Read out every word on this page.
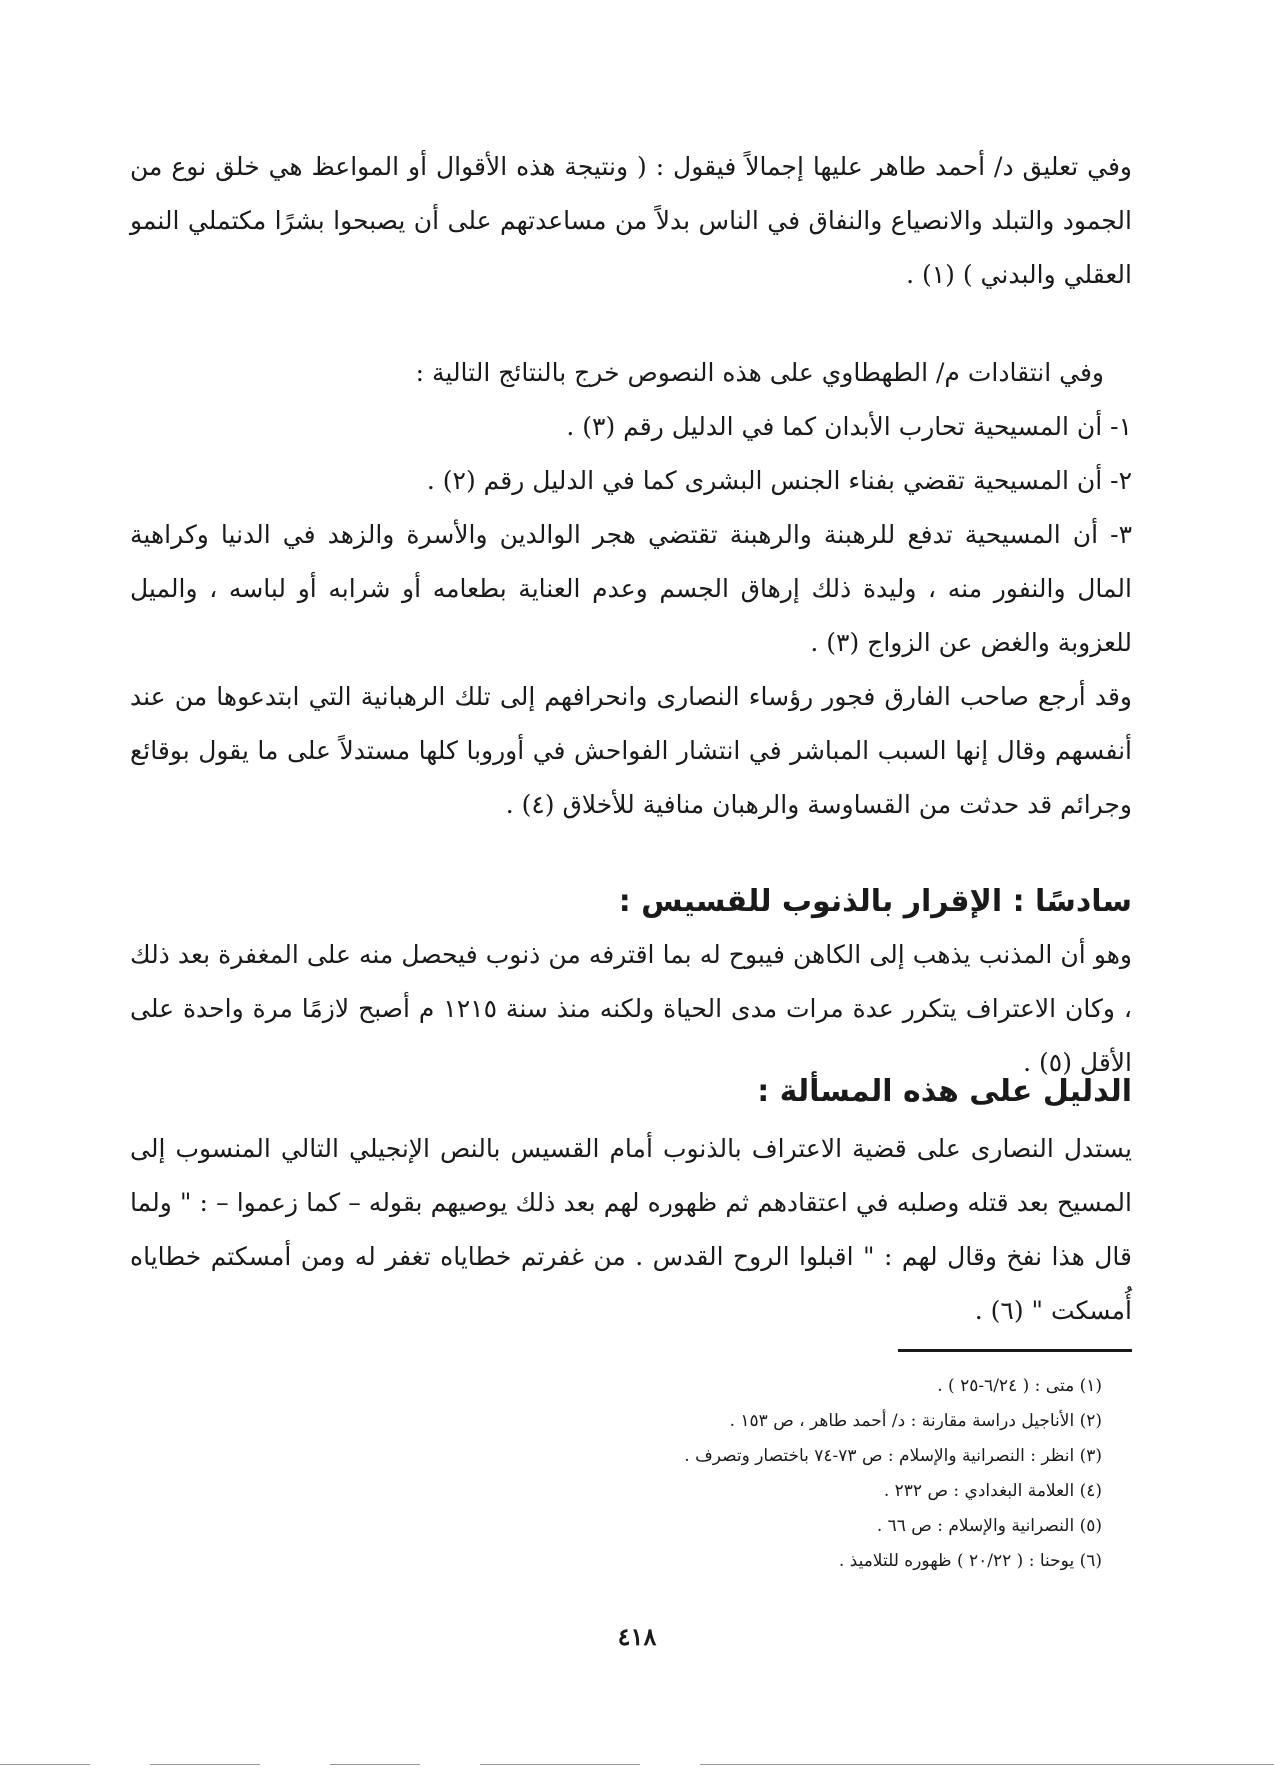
وفي تعليق د/ أحمد طاهر عليها إجمالاً فيقول : ( ونتيجة هذه الأقوال أو المواعظ هي خلق نوع من الجمود والتبلد والانصياع والنفاق في الناس بدلاً من مساعدتهم على أن يصبحوا بشرًا مكتملي النمو العقلي والبدني ) (١) .

وفي انتقادات م/ الطهطاوي على هذه النصوص خرج بالنتائج التالية :

١- أن المسيحية تحارب الأبدان كما في الدليل رقم (٣) .

٢- أن المسيحية تقضي بفناء الجنس البشرى كما في الدليل رقم (٢) .

٣- أن المسيحية تدفع للرهبنة والرهبنة تقتضي هجر الوالدين والأسرة والزهد في الدنيا وكراهية المال والنفور منه ، وليدة ذلك إرهاق الجسم وعدم العناية بطعامه أو شرابه أو لباسه ، والميل للعزوبة والغض عن الزواج (٣) .

وقد أرجع صاحب الفارق فجور رؤساء النصارى وانحرافهم إلى تلك الرهبانية التي ابتدعوها من عند أنفسهم وقال إنها السبب المباشر في انتشار الفواحش في أوروبا كلها مستدلاً على ما يقول بوقائع وجرائم قد حدثت من القساوسة والرهبان منافية للأخلاق (٤) .

سادسًا : الإقرار بالذنوب للقسيس :

وهو أن المذنب يذهب إلى الكاهن فيبوح له بما اقترفه من ذنوب فيحصل منه على المغفرة بعد ذلك ، وكان الاعتراف يتكرر عدة مرات مدى الحياة ولكنه منذ سنة ١٢١٥ م أصبح لازمًا مرة واحدة على الأقل (٥) .

الدليل على هذه المسألة :

يستدل النصارى على قضية الاعتراف بالذنوب أمام القسيس بالنص الإنجيلي التالي المنسوب إلى المسيح بعد قتله وصلبه في اعتقادهم ثم ظهوره لهم بعد ذلك يوصيهم بقوله – كما زعموا – : " ولما قال هذا نفخ وقال لهم : " اقبلوا الروح القدس . من غفرتم خطاياه تغفر له ومن أمسكتم خطاياه أُمسكت " (٦) .

(١) متى : ( ٦/٢٤-٢٥ ) .
(٢) الأناجيل دراسة مقارنة : د/ أحمد طاهر ، ص ١٥٣ .
(٣) انظر : النصرانية والإسلام : ص ٧٣-٧٤ باختصار وتصرف .
(٤) العلامة البغدادي : ص ٢٣٢ .
(٥) النصرانية والإسلام : ص ٦٦ .
(٦) يوحنا : ( ٢٠/٢٢ ) ظهوره للتلاميذ .
٤١٨
